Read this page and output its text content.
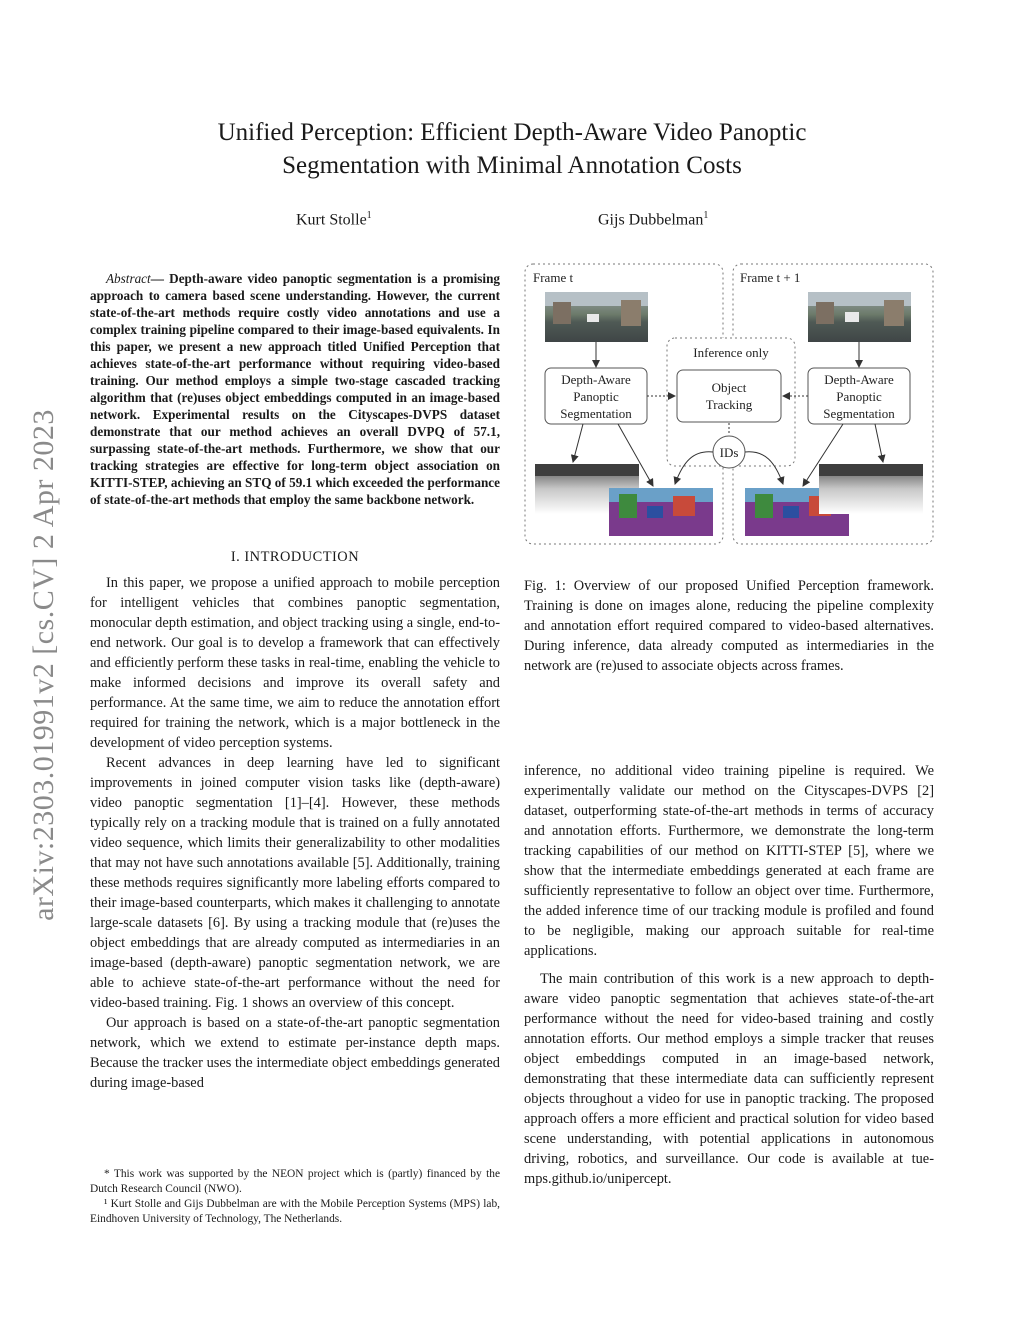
arXiv:2303.01991v2 [cs.CV] 2 Apr 2023
Unified Perception: Efficient Depth-Aware Video Panoptic
Segmentation with Minimal Annotation Costs
Kurt Stolle$^1$	Gijs Dubbelman$^1$
Abstract— Depth-aware video panoptic segmentation is a promising approach to camera based scene understanding. However, the current state-of-the-art methods require costly video annotations and use a complex training pipeline compared to their image-based equivalents. In this paper, we present a new approach titled Unified Perception that achieves state-of-the-art performance without requiring video-based training. Our method employs a simple two-stage cascaded tracking algorithm that (re)uses object embeddings computed in an image-based network. Experimental results on the Cityscapes-DVPS dataset demonstrate that our method achieves an overall DVPQ of 57.1, surpassing state-of-the-art methods. Furthermore, we show that our tracking strategies are effective for long-term object association on KITTI-STEP, achieving an STQ of 59.1 which exceeded the performance of state-of-the-art methods that employ the same backbone network.
I. INTRODUCTION

In this paper, we propose a unified approach to mobile perception for intelligent vehicles that combines panoptic segmentation, monocular depth estimation, and object tracking using a single, end-to-end network. Our goal is to develop a framework that can effectively and efficiently perform these tasks in real-time, enabling the vehicle to make informed decisions and improve its overall safety and performance. At the same time, we aim to reduce the annotation effort required for training the network, which is a major bottleneck in the development of video perception systems.

Recent advances in deep learning have led to significant improvements in joined computer vision tasks like (depth-aware) video panoptic segmentation [1]–[4]. However, these methods typically rely on a tracking module that is trained on a fully annotated video sequence, which limits their generalizability to other modalities that may not have such annotations available [5]. Additionally, training these methods requires significantly more labeling efforts compared to their image-based counterparts, which makes it challenging to annotate large-scale datasets [6]. By using a tracking module that (re)uses the object embeddings that are already computed as intermediaries in an image-based (depth-aware) panoptic segmentation network, we are able to achieve state-of-the-art performance without the need for video-based training. Fig. 1 shows an overview of this concept.

Our approach is based on a state-of-the-art panoptic segmentation network, which we extend to estimate per-instance depth maps. Because the tracker uses the intermediate object embeddings generated during image-based

* This work was supported by the NEON project which is (partly) financed by the Dutch Research Council (NWO).

¹ Kurt Stolle and Gijs Dubbelman are with the Mobile Perception Systems (MPS) lab, Eindhoven University of Technology, The Netherlands.

Frame t	Frame t + 1
Inference only
Depth-Aware
Panoptic
Segmentation
Object
Tracking
Depth-Aware
Panoptic
Segmentation
IDs
Fig. 1: Overview of our proposed Unified Perception framework. Training is done on images alone, reducing the pipeline complexity and annotation effort required compared to video-based alternatives. During inference, data already computed as intermediaries in the network are (re)used to associate objects across frames.

inference, no additional video training pipeline is required. We experimentally validate our method on the Cityscapes-DVPS [2] dataset, outperforming state-of-the-art methods in terms of accuracy and annotation efforts. Furthermore, we demonstrate the long-term tracking capabilities of our method on KITTI-STEP [5], where we show that the intermediate embeddings generated at each frame are sufficiently representative to follow an object over time. Furthermore, the added inference time of our tracking module is profiled and found to be negligible, making our approach suitable for real-time applications.

The main contribution of this work is a new approach to depth-aware video panoptic segmentation that achieves state-of-the-art performance without the need for video-based training and costly annotation efforts. Our method employs a simple tracker that reuses object embeddings computed in an image-based network, demonstrating that these intermediate data can sufficiently represent objects throughout a video for use in panoptic tracking. The proposed approach offers a more efficient and practical solution for video based scene understanding, with potential applications in autonomous driving, robotics, and surveillance. Our code is available at tue-mps.github.io/unipercept.
